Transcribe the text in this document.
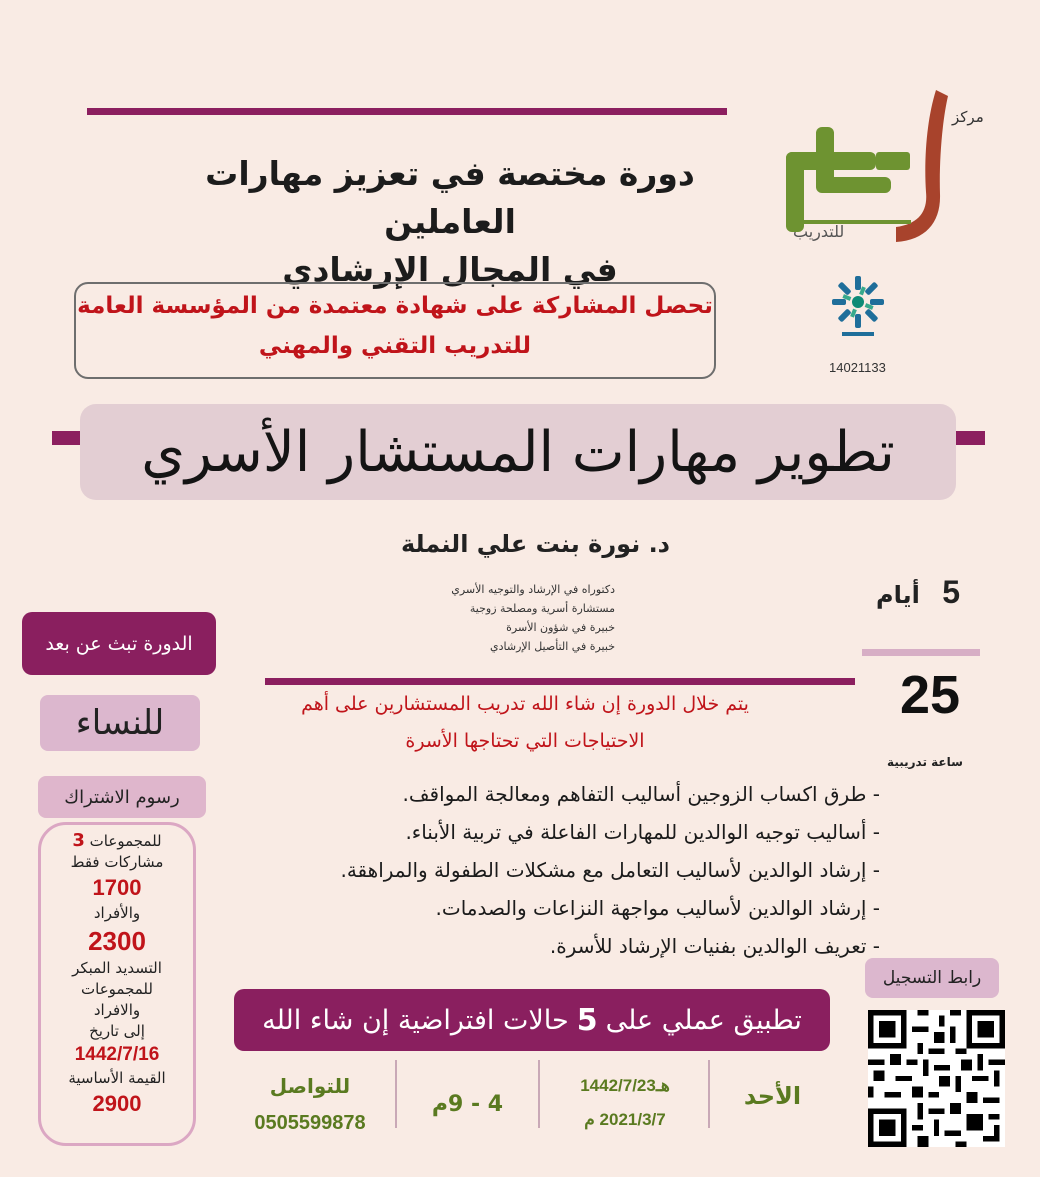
مركز
للتدريب
14021133
دورة مختصة في تعزيز مهارات العاملين
في المجال الإرشادي
تحصل المشاركة على شهادة معتمدة من المؤسسة العامة
للتدريب التقني والمهني
تطوير مهارات المستشار الأسري
د. نورة بنت علي النملة
دكتوراه في الإرشاد والتوجيه الأسري
مستشارة أسرية ومصلحة زوجية
خبيرة في شؤون الأسرة
خبيرة في التأصيل الإرشادي
5 أيام
25
ساعة تدريبية
الدورة تبث عن بعد
للنساء	يتم خلال الدورة إن شاء الله تدريب المستشارين على أهم
الاحتياجات التي تحتاجها الأسرة
- طرق اكساب الزوجين أساليب التفاهم ومعالجة المواقف.
- أساليب توجيه الوالدين للمهارات الفاعلة في تربية الأبناء.
- إرشاد الوالدين لأساليب التعامل مع مشكلات الطفولة والمراهقة.
- إرشاد الوالدين لأساليب مواجهة النزاعات والصدمات.
- تعريف الوالدين بفنيات الإرشاد للأسرة.
رسوم الاشتراك
للمجموعات 3
مشاركات فقط
1700
والأفراد
2300
التسديد المبكر
للمجموعات
والافراد
إلى تاريخ
1442/7/16
القيمة الأساسية
2900
رابط التسجيل
تطبيق عملي على
5
حالات افتراضية إن شاء الله
الأحد
1442/7/23هـ
2021/3/7 م
4 - 9م
للتواصل
0505599878
